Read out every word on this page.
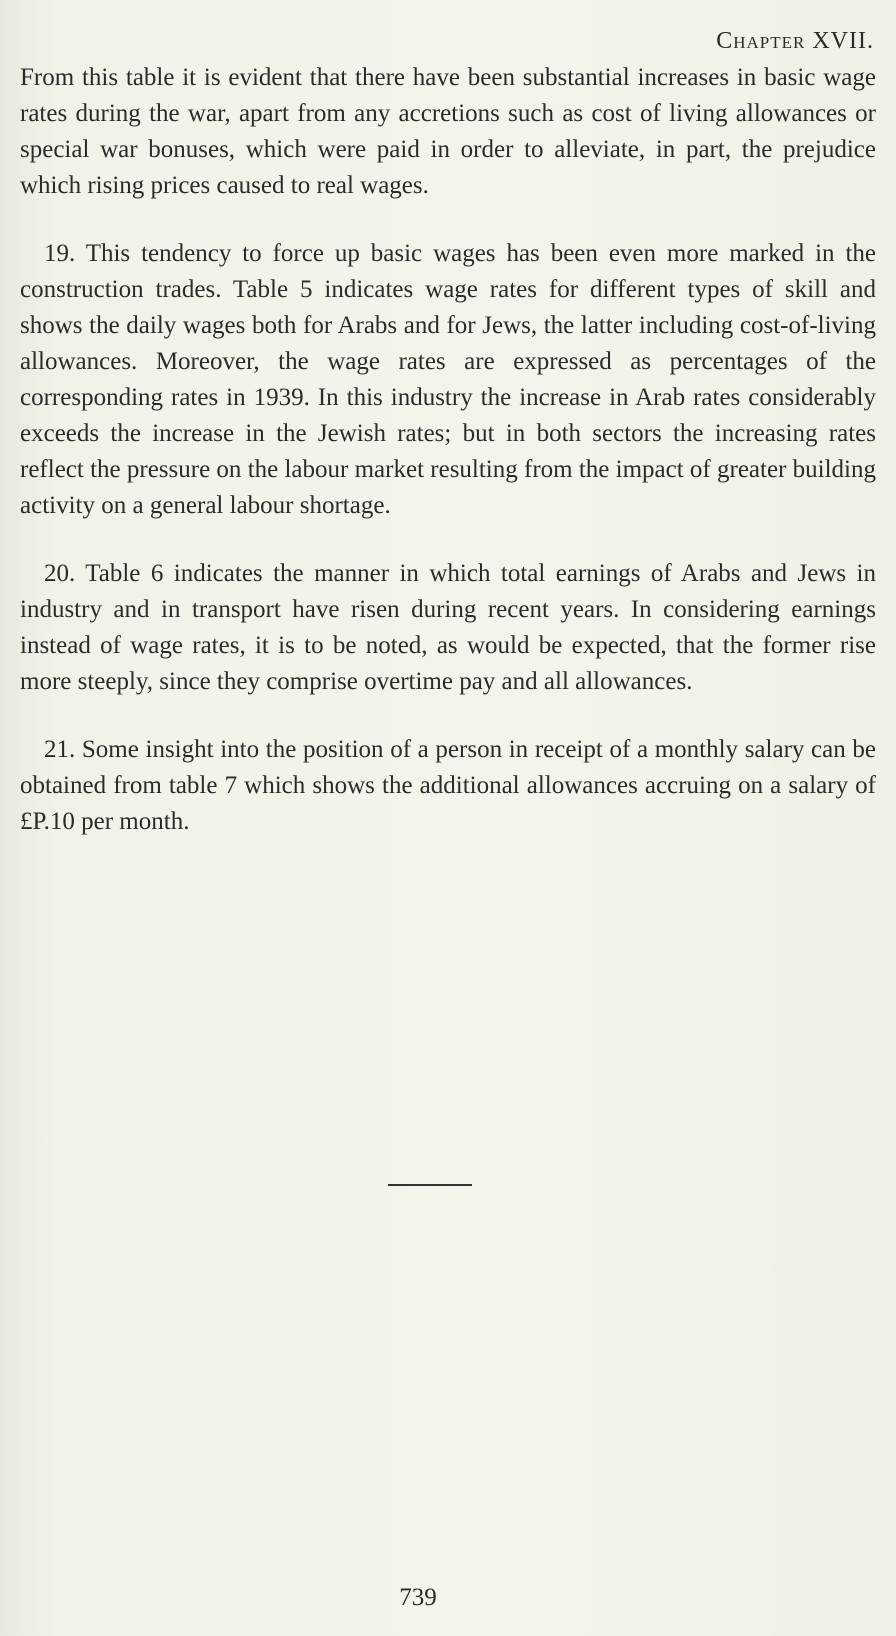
Chapter XVII.

From this table it is evident that there have been substantial increases in basic wage rates during the war, apart from any accretions such as cost of living allowances or special war bonuses, which were paid in order to alleviate, in part, the prejudice which rising prices caused to real wages.

19. This tendency to force up basic wages has been even more marked in the construction trades. Table 5 indicates wage rates for different types of skill and shows the daily wages both for Arabs and for Jews, the latter including cost-of-living allowances. Moreover, the wage rates are expressed as percentages of the corresponding rates in 1939. In this industry the increase in Arab rates considerably exceeds the increase in the Jewish rates; but in both sectors the increasing rates reflect the pressure on the labour market resulting from the impact of greater building activity on a general labour shortage.

20. Table 6 indicates the manner in which total earnings of Arabs and Jews in industry and in transport have risen during recent years. In considering earnings instead of wage rates, it is to be noted, as would be expected, that the former rise more steeply, since they comprise overtime pay and all allowances.

21. Some insight into the position of a person in receipt of a monthly salary can be obtained from table 7 which shows the additional allowances accruing on a salary of £P.10 per month.

739
